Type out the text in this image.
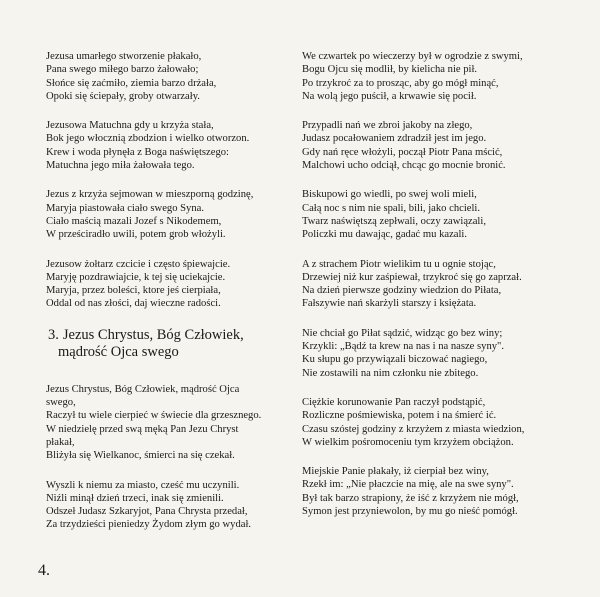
Jezusa umarłego stworzenie płakało,
Pana swego miłego barzo żałowało;
Słońce się zaćmiło, ziemia barzo drżała,
Opoki się ściepały, groby otwarzały.
Jezusowa Matuchna gdy u krzyża stała,
Bok jego włocznią zbodzion i wielko otworzon.
Krew i woda płynęła z Boga naświętszego:
Matuchna jego miła żałowała tego.
Jezus z krzyża sejmowan w mieszporną godzinę,
Maryja piastowała ciało swego Syna.
Ciało maścią mazali Jozef s Nikodemem,
W prześciradło uwili, potem grob włożyli.
Jezusow żołtarz czcicie i często śpiewajcie.
Maryję pozdrawiajcie, k tej się uciekajcie.
Maryja, przez boleści, ktore jeś cierpiała,
Oddal od nas złości, daj wieczne radości.
3. Jezus Chrystus, Bóg Człowiek,
mądrość Ojca swego
Jezus Chrystus, Bóg Człowiek, mądrość Ojca
swego,
Raczył tu wiele cierpieć w świecie dla grzesznego.
W niedzielę przed swą męką Pan Jezu Chryst
płakał,
Bliżyła się Wielkanoc, śmierci na się czekał.
Wyszli k niemu za miasto, cześć mu uczynili.
Niźli minął dzień trzeci, inak się zmienili.
Odszeł Judasz Szkaryjot, Pana Chrysta przedał,
Za trzydzieści pieniedzy Żydom złym go wydał.
We czwartek po wieczerzy był w ogrodzie z swymi,
Bogu Ojcu się modlił, by kielicha nie pił.
Po trzykroć za to prosząc, aby go mógł minąć,
Na wolą jego puścił, a krwawie się pocił.
Przypadli nań we zbroi jakoby na złego,
Judasz pocałowaniem zdradził jest im jego.
Gdy nań ręce włożyli, począł Piotr Pana mścić,
Malchowi ucho odciął, chcąc go mocnie bronić.
Biskupowi go wiedli, po swej woli mieli,
Całą noc s nim nie spali, bili, jako chcieli.
Twarz naświętszą zepłwali, oczy zawiązali,
Policzki mu dawając, gadać mu kazali.
A z strachem Piotr wielikim tu u ognie stojąc,
Drzewiej niż kur zaśpiewał, trzykroć się go zaprzał.
Na dzień pierwsze godziny wiedzion do Piłata,
Fałszywie nań skarżyli starszy i księżata.
Nie chciał go Piłat sądzić, widząc go bez winy;
Krzykli: „Bądź ta krew na nas i na nasze syny".
Ku słupu go przywiązali biczować nagiego,
Nie zostawili na nim członku nie zbitego.
Ciężkie korunowanie Pan raczył podstąpić,
Rozliczne pośmiewiska, potem i na śmierć ić.
Czasu szóstej godziny z krzyżem z miasta wiedzion,
W wielkim pośromoceniu tym krzyżem obciążon.
Miejskie Panie płakały, iż cierpiał bez winy,
Rzekł im: „Nie płaczcie na mię, ale na swe syny".
Był tak barzo strapiony, że iść z krzyżem nie mógł,
Symon jest przyniewolon, by mu go nieść pomógł.
4.
